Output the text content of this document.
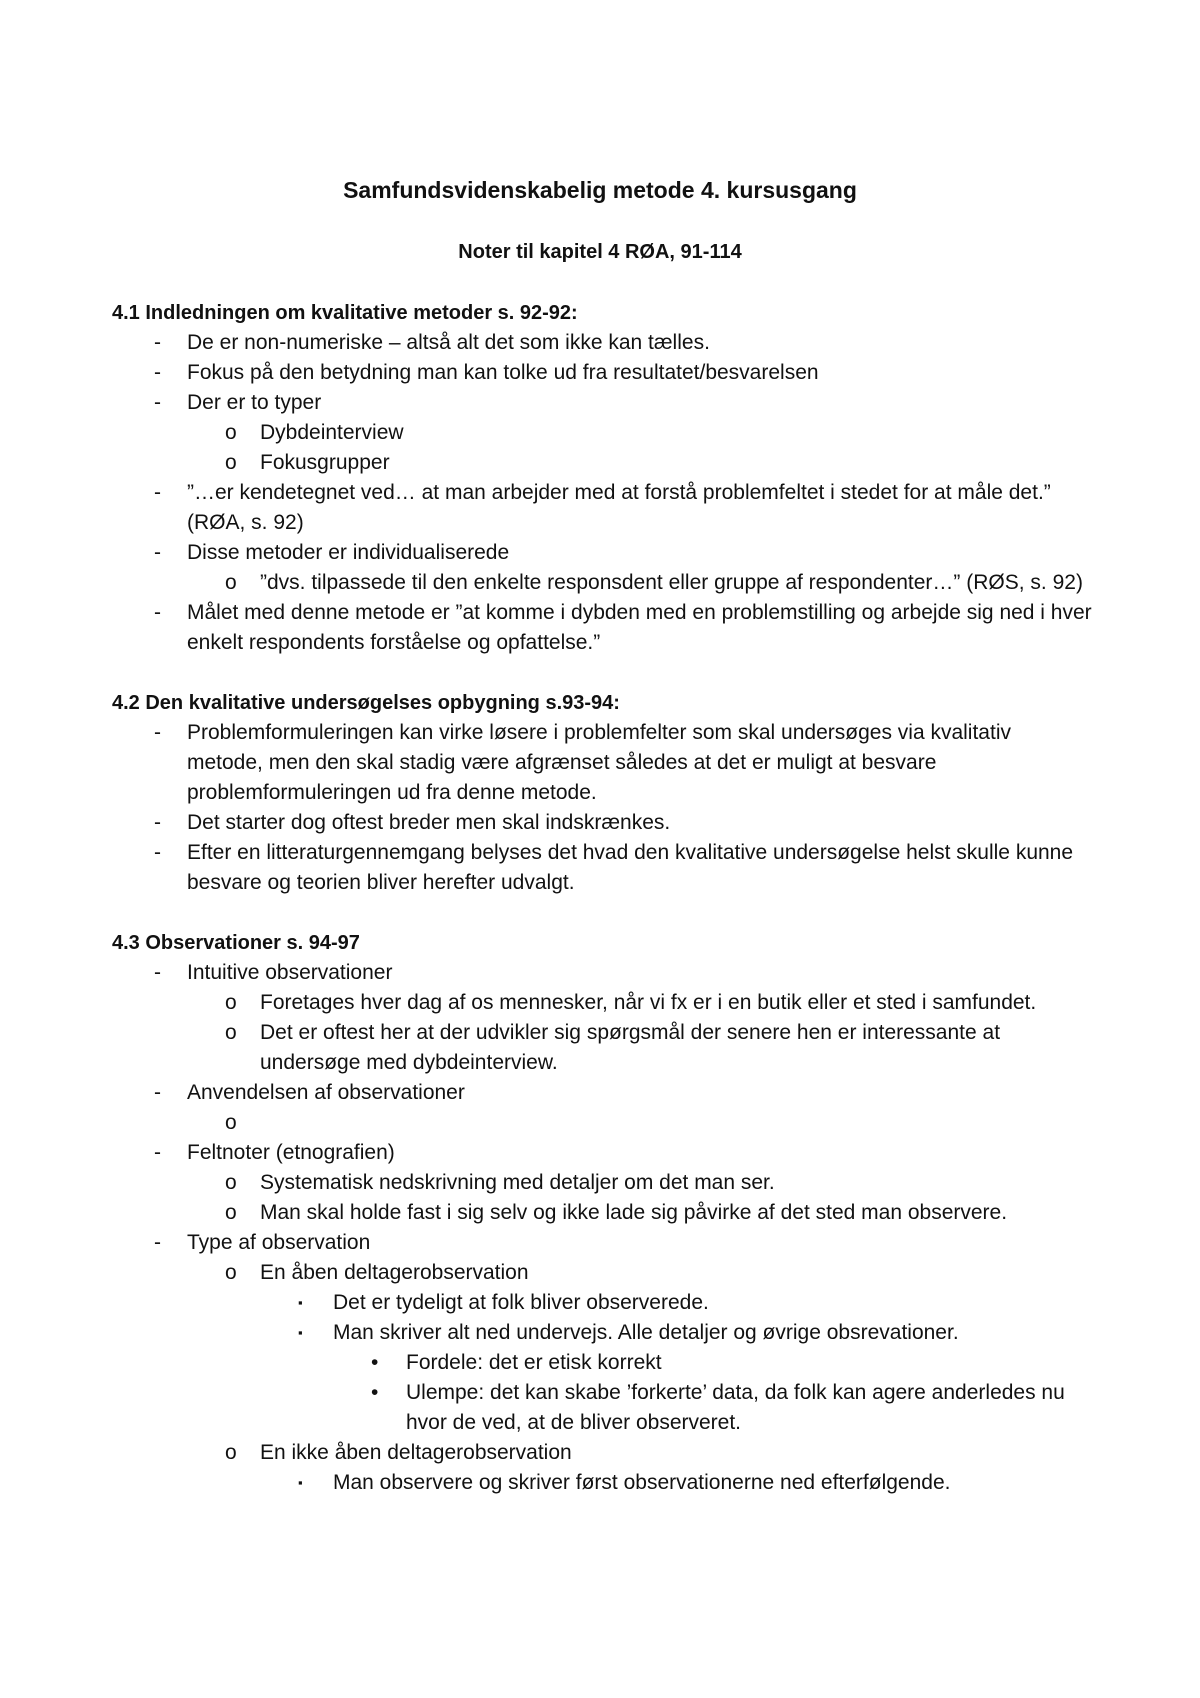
Samfundsvidenskabelig metode 4. kursusgang
Noter til kapitel 4 RØA, 91-114

4.1 Indledningen om kvalitative metoder s. 92-92:

- De er non-numeriske – altså alt det som ikke kan tælles.
- Fokus på den betydning man kan tolke ud fra resultatet/besvarelsen
- Der er to typer
o Dybdeinterview
o Fokusgrupper
- ”…er kendetegnet ved… at man arbejder med at forstå problemfeltet i stedet for at måle det.” (RØA, s. 92)
- Disse metoder er individualiserede
o ”dvs. tilpassede til den enkelte responsdent eller gruppe af respondenter…” (RØS, s. 92)
- Målet med denne metode er ”at komme i dybden med en problemstilling og arbejde sig ned i hver enkelt respondents forståelse og opfattelse.”

4.2 Den kvalitative undersøgelses opbygning s.93-94:

- Problemformuleringen kan virke løsere i problemfelter som skal undersøges via kvalitativ metode, men den skal stadig være afgrænset således at det er muligt at besvare problemformuleringen ud fra denne metode.
- Det starter dog oftest breder men skal indskrænkes.
- Efter en litteraturgennemgang belyses det hvad den kvalitative undersøgelse helst skulle kunne besvare og teorien bliver herefter udvalgt.

4.3 Observationer s. 94-97

- Intuitive observationer
o Foretages hver dag af os mennesker, når vi fx er i en butik eller et sted i samfundet.
o Det er oftest her at der udvikler sig spørgsmål der senere hen er interessante at undersøge med dybdeinterview.
- Anvendelsen af observationer
o
- Feltnoter (etnografien)
o Systematisk nedskrivning med detaljer om det man ser.
o Man skal holde fast i sig selv og ikke lade sig påvirke af det sted man observere.
- Type af observation
o En åben deltagerobservation
▪ Det er tydeligt at folk bliver observerede.
▪ Man skriver alt ned undervejs. Alle detaljer og øvrige obsrevationer.
• Fordele: det er etisk korrekt
• Ulempe: det kan skabe ’forkerte’ data, da folk kan agere anderledes nu hvor de ved, at de bliver observeret.
o En ikke åben deltagerobservation
▪ Man observere og skriver først observationerne ned efterfølgende.
